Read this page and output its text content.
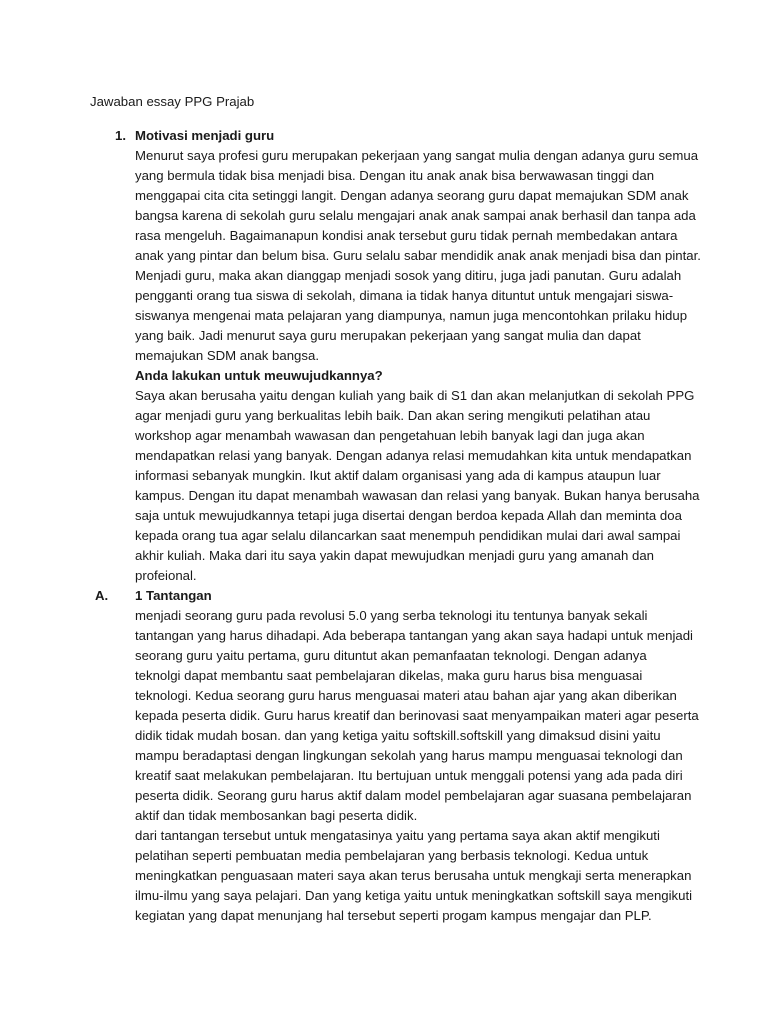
Jawaban essay PPG Prajab
1. Motivasi menjadi guru
Menurut saya profesi guru merupakan pekerjaan yang sangat mulia dengan adanya guru semua
yang bermula tidak bisa menjadi bisa. Dengan itu anak anak bisa berwawasan tinggi dan
menggapai cita cita setinggi langit. Dengan adanya seorang guru dapat memajukan SDM anak
bangsa karena di sekolah guru selalu mengajari anak anak sampai anak berhasil dan tanpa ada
rasa mengeluh. Bagaimanapun kondisi anak tersebut guru tidak pernah membedakan antara
anak yang pintar dan belum bisa. Guru selalu sabar mendidik anak anak menjadi bisa dan pintar.
Menjadi guru, maka akan dianggap menjadi sosok yang ditiru, juga jadi panutan. Guru adalah
pengganti orang tua siswa di sekolah, dimana ia tidak hanya dituntut untuk mengajari siswa-
siswanya mengenai mata pelajaran yang diampunya, namun juga mencontohkan prilaku hidup
yang baik. Jadi menurut saya guru merupakan pekerjaan yang sangat mulia dan dapat
memajukan SDM anak bangsa.
Anda lakukan untuk meuwujudkannya?
Saya akan berusaha yaitu dengan kuliah yang baik di S1 dan akan melanjutkan di sekolah PPG
agar menjadi guru yang berkualitas lebih baik. Dan akan sering mengikuti pelatihan atau
workshop agar menambah wawasan dan pengetahuan lebih banyak lagi dan juga akan
mendapatkan relasi yang banyak. Dengan adanya relasi memudahkan kita untuk mendapatkan
informasi sebanyak mungkin. Ikut aktif dalam organisasi yang ada di kampus ataupun luar
kampus. Dengan itu dapat menambah wawasan dan relasi yang banyak. Bukan hanya berusaha
saja untuk mewujudkannya tetapi juga disertai dengan berdoa kepada Allah dan meminta doa
kepada orang tua agar selalu dilancarkan saat menempuh pendidikan mulai dari awal sampai
akhir kuliah. Maka dari itu saya yakin dapat mewujudkan menjadi guru yang amanah dan
profeional.
A. 1 Tantangan
menjadi seorang guru pada revolusi 5.0 yang serba teknologi itu tentunya banyak sekali
tantangan yang harus dihadapi. Ada beberapa tantangan yang akan saya hadapi untuk menjadi
seorang guru yaitu pertama, guru dituntut akan pemanfaatan teknologi. Dengan adanya
teknolgi dapat membantu saat pembelajaran dikelas, maka guru harus bisa menguasai
teknologi. Kedua seorang guru harus menguasai materi atau bahan ajar yang akan diberikan
kepada peserta didik. Guru harus kreatif dan berinovasi saat menyampaikan materi agar peserta
didik tidak mudah bosan. dan yang ketiga yaitu softskill.softskill yang dimaksud disini yaitu
mampu beradaptasi dengan lingkungan sekolah yang harus mampu menguasai teknologi dan
kreatif saat melakukan pembelajaran. Itu bertujuan untuk menggali potensi yang ada pada diri
peserta didik. Seorang guru harus aktif dalam model pembelajaran agar suasana pembelajaran
aktif dan tidak membosankan bagi peserta didik.
dari tantangan tersebut untuk mengatasinya yaitu yang pertama saya akan aktif mengikuti
pelatihan seperti pembuatan media pembelajaran yang berbasis teknologi. Kedua untuk
meningkatkan penguasaan materi saya akan terus berusaha untuk mengkaji serta menerapkan
ilmu-ilmu yang saya pelajari. Dan yang ketiga yaitu untuk meningkatkan softskill saya mengikuti
kegiatan yang dapat menunjang hal tersebut seperti progam kampus mengajar dan PLP.
